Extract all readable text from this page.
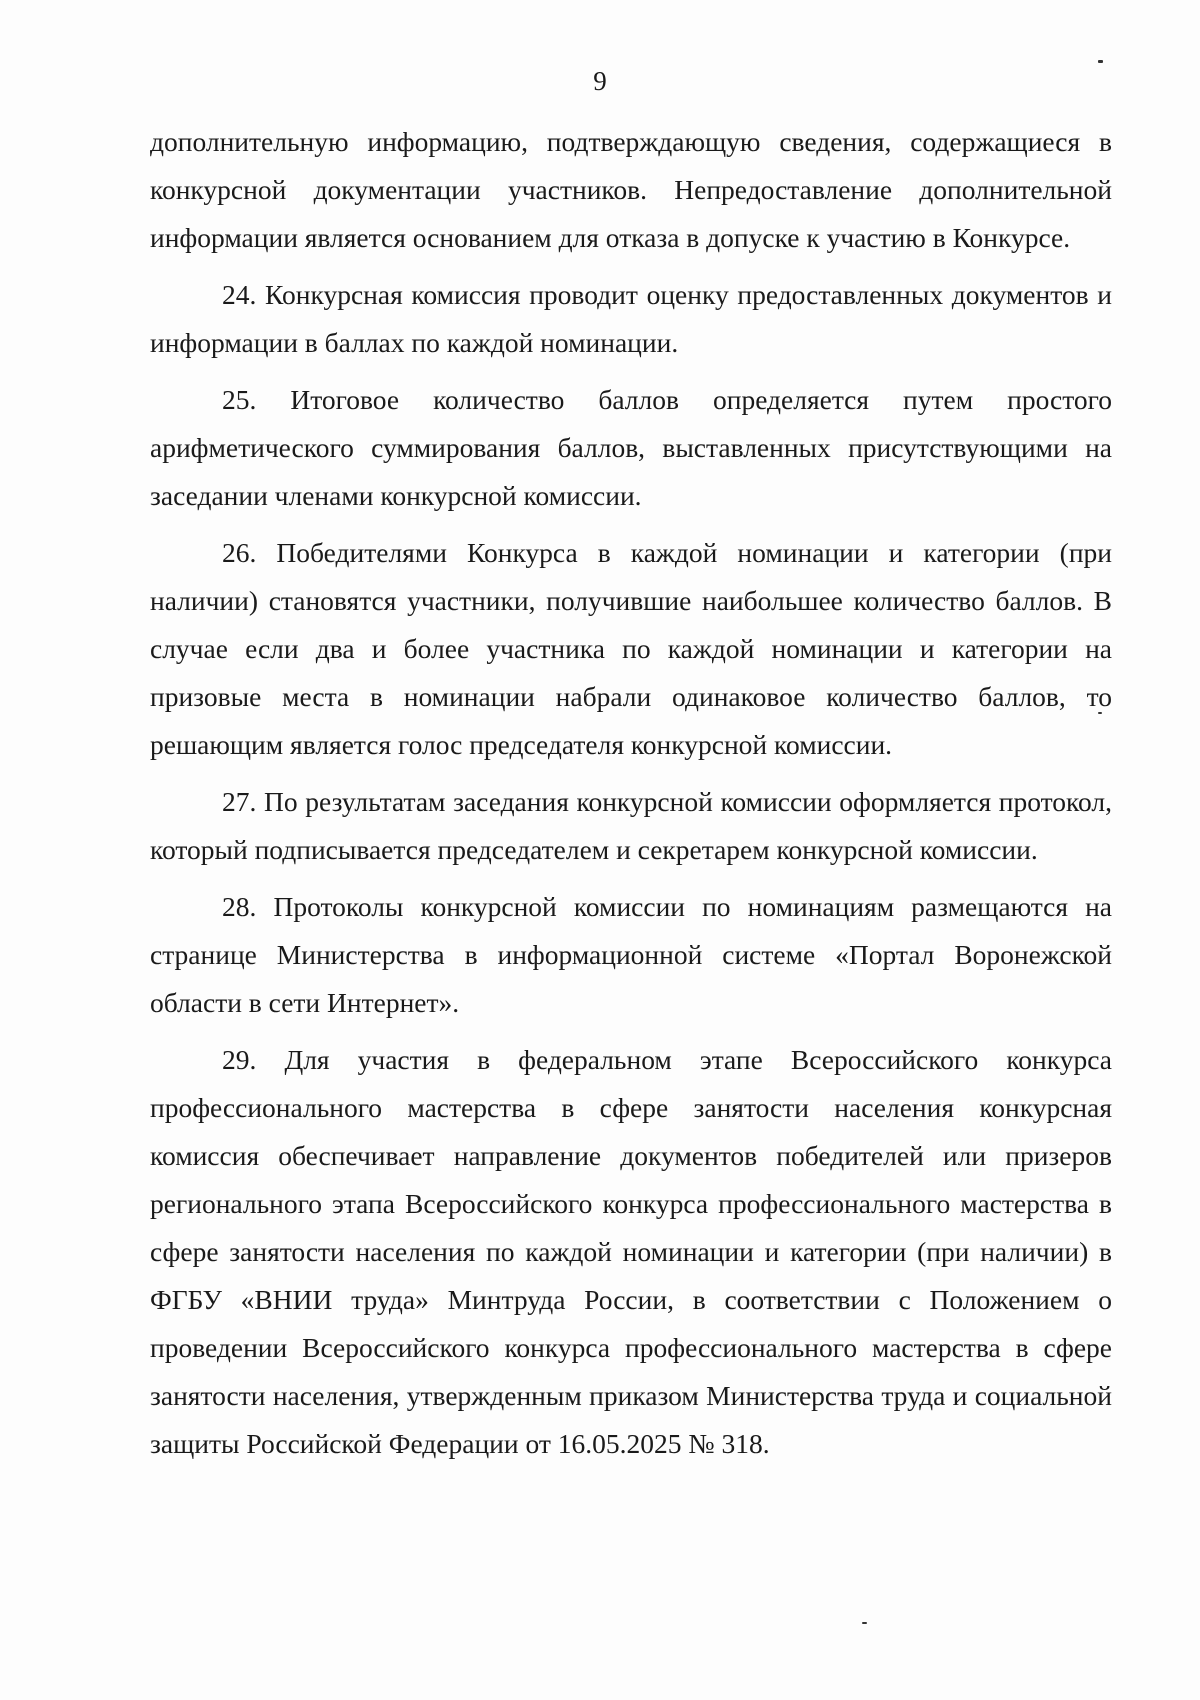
9

дополнительную информацию, подтверждающую сведения, содержащиеся в конкурсной документации участников. Непредоставление дополнительной информации является основанием для отказа в допуске к участию в Конкурсе.

24. Конкурсная комиссия проводит оценку предоставленных документов и информации в баллах по каждой номинации.

25. Итоговое количество баллов определяется путем простого арифметического суммирования баллов, выставленных присутствующими на заседании членами конкурсной комиссии.

26. Победителями Конкурса в каждой номинации и категории (при наличии) становятся участники, получившие наибольшее количество баллов. В случае если два и более участника по каждой номинации и категории на призовые места в номинации набрали одинаковое количество баллов, то решающим является голос председателя конкурсной комиссии.

27. По результатам заседания конкурсной комиссии оформляется протокол, который подписывается председателем и секретарем конкурсной комиссии.

28. Протоколы конкурсной комиссии по номинациям размещаются на странице Министерства в информационной системе «Портал Воронежской области в сети Интернет».

29. Для участия в федеральном этапе Всероссийского конкурса профессионального мастерства в сфере занятости населения конкурсная комиссия обеспечивает направление документов победителей или призеров регионального этапа Всероссийского конкурса профессионального мастерства в сфере занятости населения по каждой номинации и категории (при наличии) в ФГБУ «ВНИИ труда» Минтруда России, в соответствии с Положением о проведении Всероссийского конкурса профессионального мастерства в сфере занятости населения, утвержденным приказом Министерства труда и социальной защиты Российской Федерации от 16.05.2025 № 318.
